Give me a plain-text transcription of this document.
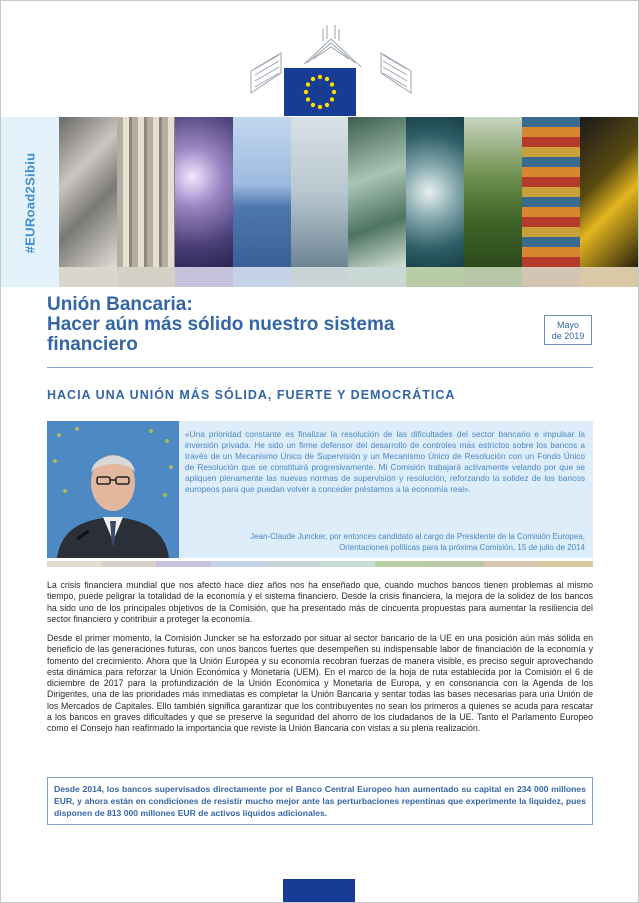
#EURoad2Sibiu
Unión Bancaria:
Hacer aún más sólido nuestro sistema
financiero
Mayo
de 2019
HACIA UNA UNIÓN MÁS SÓLIDA, FUERTE Y DEMOCRÁTICA
«Una prioridad constante es finalizar la resolución de las dificultades del sector bancario e impulsar la inversión privada. He sido un firme defensor del desarrollo de controles más estrictos sobre los bancos a través de un Mecanismo Único de Supervisión y un Mecanismo Único de Resolución con un Fondo Único de Resolución que se constituirá progresivamente. Mi Comisión trabajará activamente velando por que se apliquen plenamente las nuevas normas de supervisión y resolución, reforzando la solidez de los bancos europeos para que puedan volver a conceder préstamos a la economía real».
Jean-Claude Juncker, por entonces candidato al cargo de Presidente de la Comisión Europea,
Orientaciones políticas para la próxima Comisión, 15 de julio de 2014
La crisis financiera mundial que nos afectó hace diez años nos ha enseñado que, cuando muchos bancos tienen problemas al mismo tiempo, puede peligrar la totalidad de la economía y el sistema financiero. Desde la crisis financiera, la mejora de la solidez de los bancos ha sido uno de los principales objetivos de la Comisión, que ha presentado más de cincuenta propuestas para aumentar la resiliencia del sector financiero y contribuir a proteger la economía.
Desde el primer momento, la Comisión Juncker se ha esforzado por situar al sector bancario de la UE en una posición aún más sólida en beneficio de las generaciones futuras, con unos bancos fuertes que desempeñen su indispensable labor de financiación de la economía y fomento del crecimiento. Ahora que la Unión Europea y su economía recobran fuerzas de manera visible, es preciso seguir aprovechando esta dinámica para reforzar la Unión Económica y Monetaria (UEM). En el marco de la hoja de ruta establecida por la Comisión el 6 de diciembre de 2017 para la profundización de la Unión Económica y Monetaria de Europa, y en consonancia con la Agenda de los Dirigentes, una de las prioridades más inmediatas es completar la Unión Bancaria y sentar todas las bases necesarias para una Unión de los Mercados de Capitales. Ello también significa garantizar que los contribuyentes no sean los primeros a quienes se acuda para rescatar a los bancos en graves dificultades y que se preserve la seguridad del ahorro de los ciudadanos de la UE. Tanto el Parlamento Europeo como el Consejo han reafirmado la importancia que reviste la Unión Bancaria con vistas a su plena realización.
Desde 2014, los bancos supervisados directamente por el Banco Central Europeo han aumentado su capital en 234 000 millones EUR, y ahora están en condiciones de resistir mucho mejor ante las perturbaciones repentinas que experimente la liquidez, pues disponen de 813 000 millones EUR de activos líquidos adicionales.
